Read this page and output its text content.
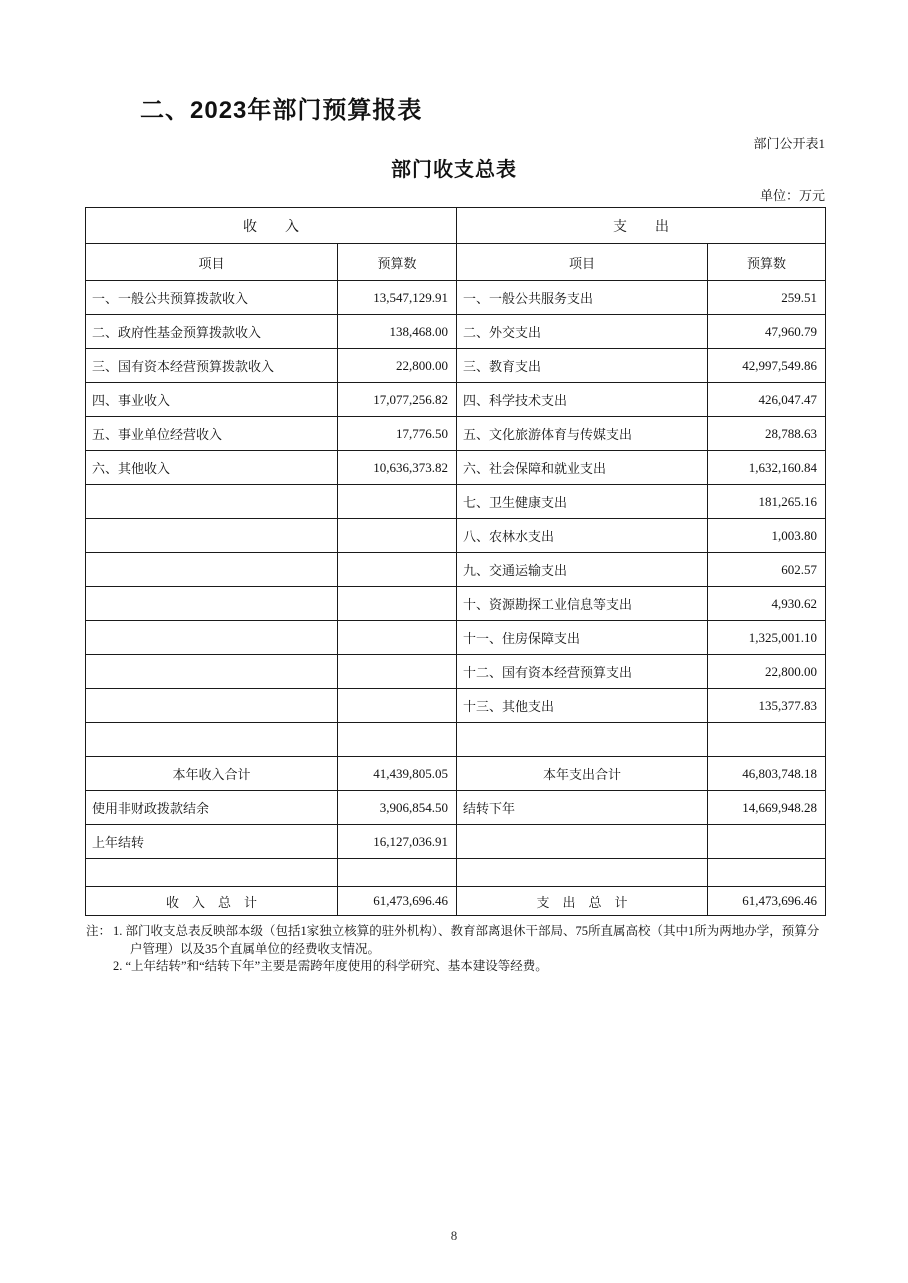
二、2023年部门预算报表
部门公开表1
部门收支总表
单位：万元
收　　入		支　　出	
项目	预算数	项目	预算数
一、一般公共预算拨款收入	13,547,129.91	一、一般公共服务支出	259.51
二、政府性基金预算拨款收入	138,468.00	二、外交支出	47,960.79
三、国有资本经营预算拨款收入	22,800.00	三、教育支出	42,997,549.86
四、事业收入	17,077,256.82	四、科学技术支出	426,047.47
五、事业单位经营收入	17,776.50	五、文化旅游体育与传媒支出	28,788.63
六、其他收入	10,636,373.82	六、社会保障和就业支出	1,632,160.84
		七、卫生健康支出	181,265.16
		八、农林水支出	1,003.80
		九、交通运输支出	602.57
		十、资源勘探工业信息等支出	4,930.62
		十一、住房保障支出	1,325,001.10
		十二、国有资本经营预算支出	22,800.00
		十三、其他支出	135,377.83

本年收入合计	41,439,805.05	本年支出合计	46,803,748.18
使用非财政拨款结余	3,906,854.50	结转下年	14,669,948.28
上年结转	16,127,036.91		

收　入　总　计	61,473,696.46	支　出　总　计	61,473,696.46
注： 1. 部门收支总表反映部本级（包括1家独立核算的驻外机构）、教育部离退休干部局、75所直属高校（其中1所为两地办学，预算分户管理）以及35个直属单位的经费收支情况。
2. “上年结转”和“结转下年”主要是需跨年度使用的科学研究、基本建设等经费。
8
